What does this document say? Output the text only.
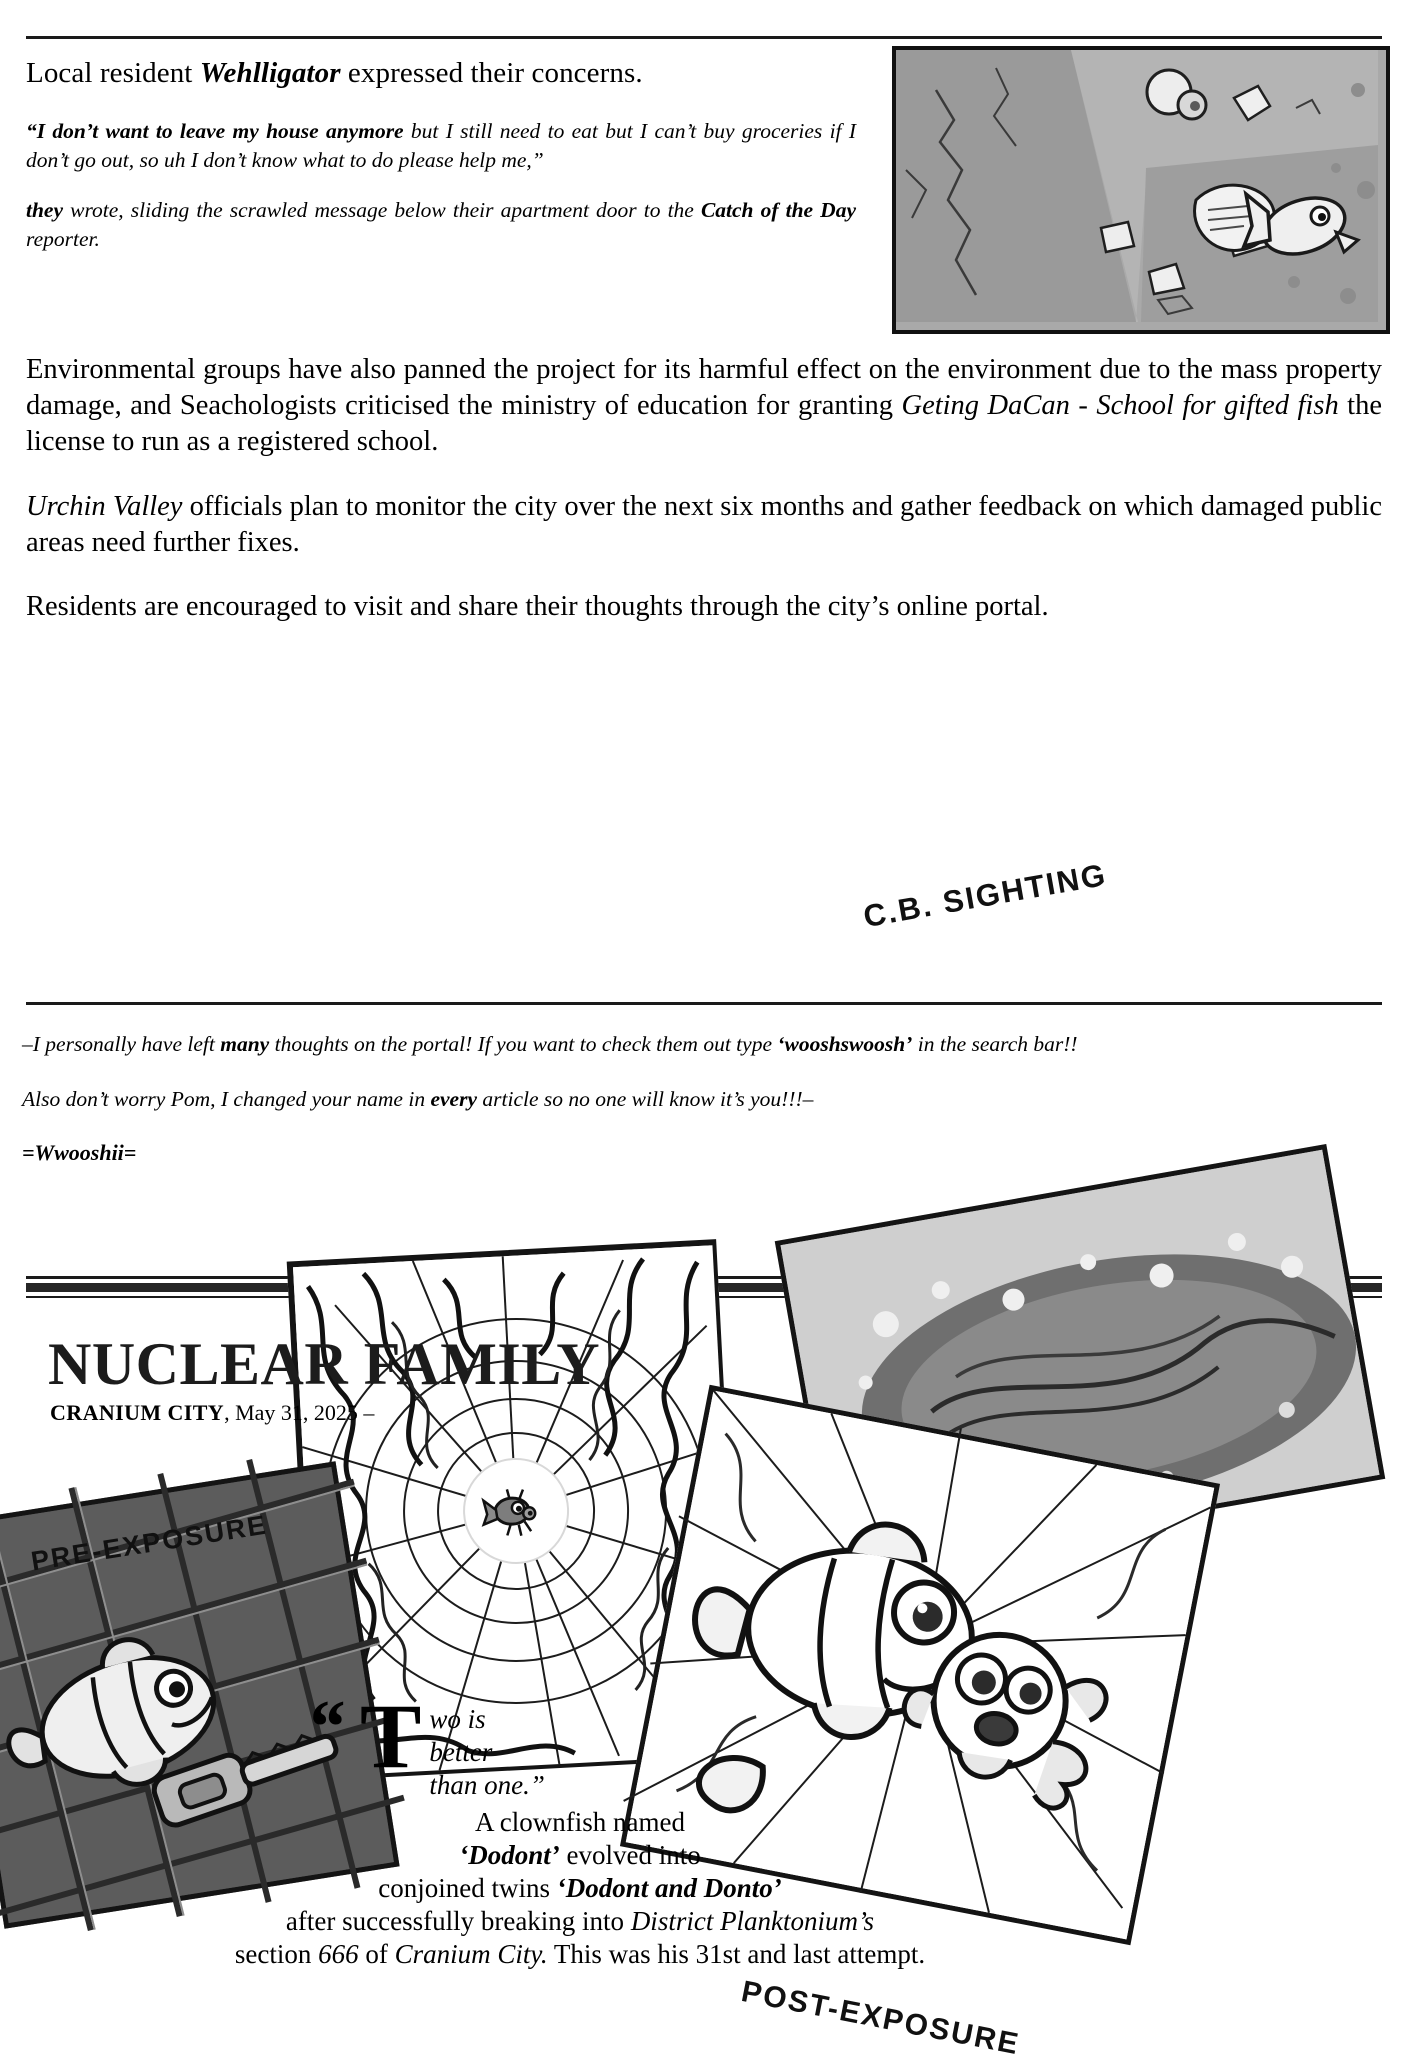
Local resident Wehlligator expressed their concerns.

“I don’t want to leave my house anymore but I still need to eat but I can’t buy groceries if I don’t go out, so uh I don’t know what to do please help me,”

they wrote, sliding the scrawled message below their apartment door to the Catch of the Day reporter.

Environmental groups have also panned the project for its harmful effect on the environment due to the mass property damage, and Seachologists criticised the ministry of education for granting Geting DaCan - School for gifted fish the license to run as a registered school.

Urchin Valley officials plan to monitor the city over the next six months and gather feedback on which damaged public areas need further fixes.

Residents are encouraged to visit and share their thoughts through the city’s online portal.

–I personally have left many thoughts on the portal! If you want to check them out type ‘wooshswoosh’ in the search bar!!

Also don’t worry Pom, I changed your name in every article so no one will know it’s you!!!–

=Wwooshii=

PRE-EXPOSURE
POST-EXPOSURE
C.B. SIGHTING
NUCLEAR FAMILY
CRANIUM CITY, May 31, 2025 –
“ T wo is
better
than one.”
A clownfish named
‘Dodont’ evolved into
conjoined twins ‘Dodont and Donto’
after successfully breaking into District Planktonium’s
section 666 of Cranium City. This was his 31st and last attempt.
